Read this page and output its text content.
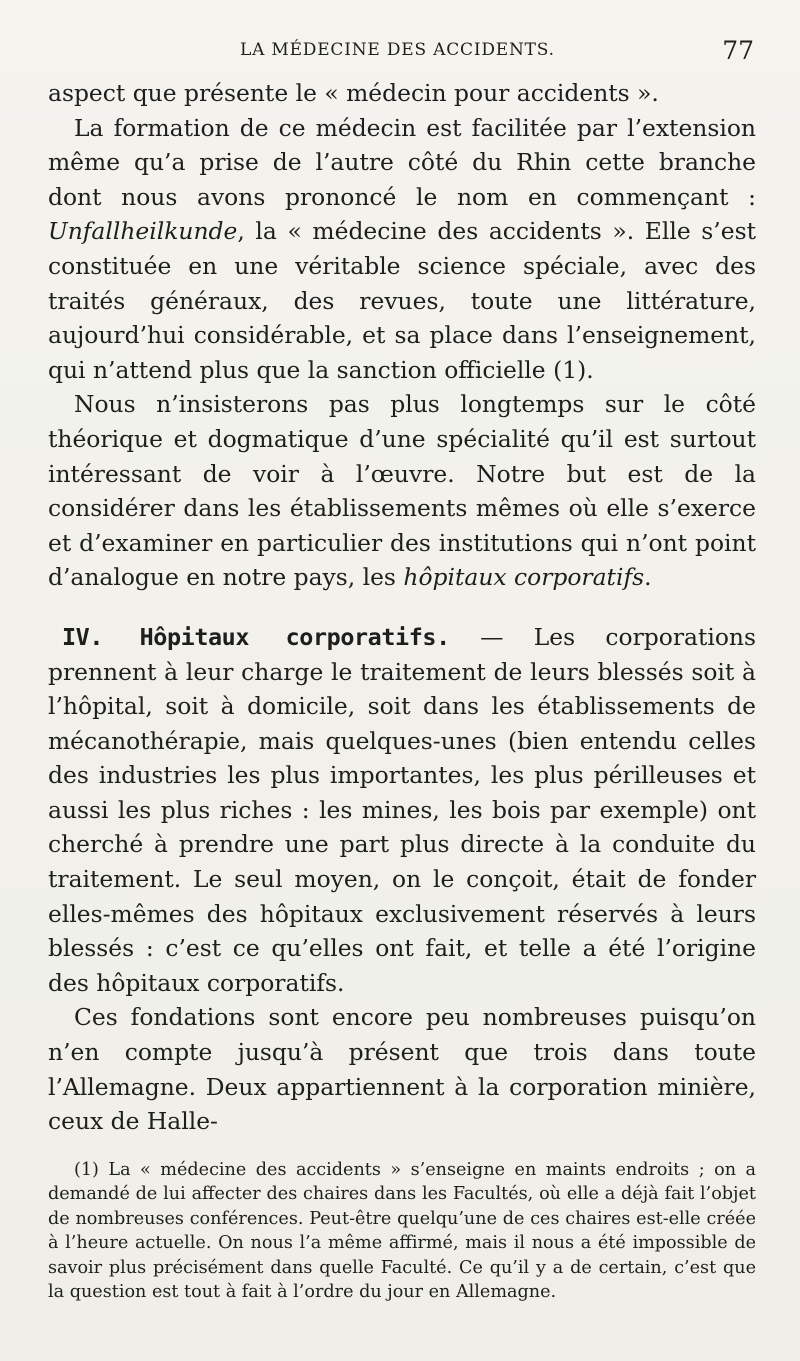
LA MÉDECINE DES ACCIDENTS.	77

aspect que présente le « médecin pour accidents ».

La formation de ce médecin est facilitée par l’extension même qu’a prise de l’autre côté du Rhin cette branche dont nous avons prononcé le nom en commençant : Unfallheilkunde, la « médecine des accidents ». Elle s’est constituée en une véritable science spéciale, avec des traités généraux, des revues, toute une littérature, aujourd’hui considérable, et sa place dans l’enseignement, qui n’attend plus que la sanction officielle (1).

Nous n’insisterons pas plus longtemps sur le côté théorique et dogmatique d’une spécialité qu’il est surtout intéressant de voir à l’œuvre. Notre but est de la considérer dans les établissements mêmes où elle s’exerce et d’examiner en particulier des institutions qui n’ont point d’analogue en notre pays, les hôpitaux corporatifs.

IV. Hôpitaux corporatifs. — Les corporations prennent à leur charge le traitement de leurs blessés soit à l’hôpital, soit à domicile, soit dans les établissements de mécanothérapie, mais quelques-unes (bien entendu celles des industries les plus importantes, les plus périlleuses et aussi les plus riches : les mines, les bois par exemple) ont cherché à prendre une part plus directe à la conduite du traitement. Le seul moyen, on le conçoit, était de fonder elles-mêmes des hôpitaux exclusivement réservés à leurs blessés : c’est ce qu’elles ont fait, et telle a été l’origine des hôpitaux corporatifs.

Ces fondations sont encore peu nombreuses puisqu’on n’en compte jusqu’à présent que trois dans toute l’Allemagne. Deux appartiennent à la corporation minière, ceux de Halle-

(1) La « médecine des accidents » s’enseigne en maints endroits ; on a demandé de lui affecter des chaires dans les Facultés, où elle a déjà fait l’objet de nombreuses conférences. Peut-être quelqu’une de ces chaires est-elle créée à l’heure actuelle. On nous l’a même affirmé, mais il nous a été impossible de savoir plus précisément dans quelle Faculté. Ce qu’il y a de certain, c’est que la question est tout à fait à l’ordre du jour en Allemagne.
